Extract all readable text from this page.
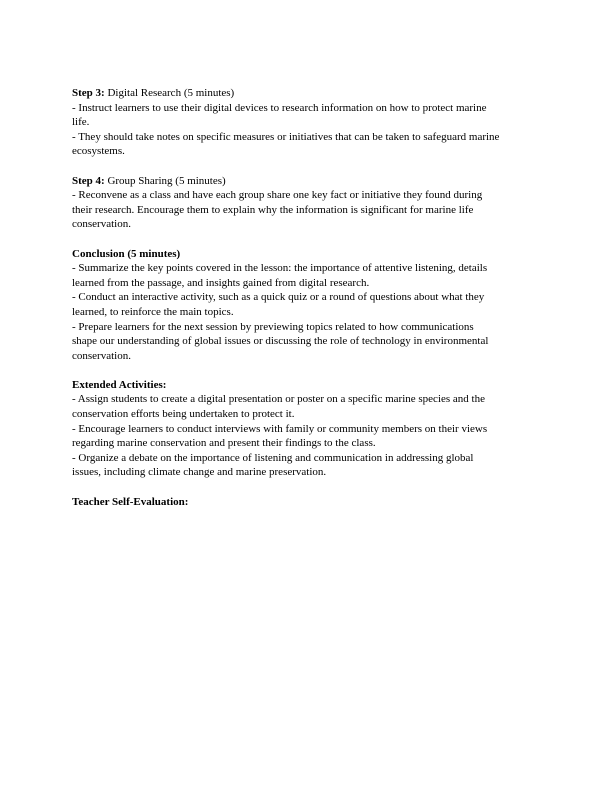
Step 3: Digital Research (5 minutes)
- Instruct learners to use their digital devices to research information on how to protect marine
life.
- They should take notes on specific measures or initiatives that can be taken to safeguard marine
ecosystems.
Step 4: Group Sharing (5 minutes)
- Reconvene as a class and have each group share one key fact or initiative they found during
their research. Encourage them to explain why the information is significant for marine life
conservation.
Conclusion (5 minutes)
- Summarize the key points covered in the lesson: the importance of attentive listening, details
learned from the passage, and insights gained from digital research.
- Conduct an interactive activity, such as a quick quiz or a round of questions about what they
learned, to reinforce the main topics.
- Prepare learners for the next session by previewing topics related to how communications
shape our understanding of global issues or discussing the role of technology in environmental
conservation.
Extended Activities:
- Assign students to create a digital presentation or poster on a specific marine species and the
conservation efforts being undertaken to protect it.
- Encourage learners to conduct interviews with family or community members on their views
regarding marine conservation and present their findings to the class.
- Organize a debate on the importance of listening and communication in addressing global
issues, including climate change and marine preservation.
Teacher Self-Evaluation:
